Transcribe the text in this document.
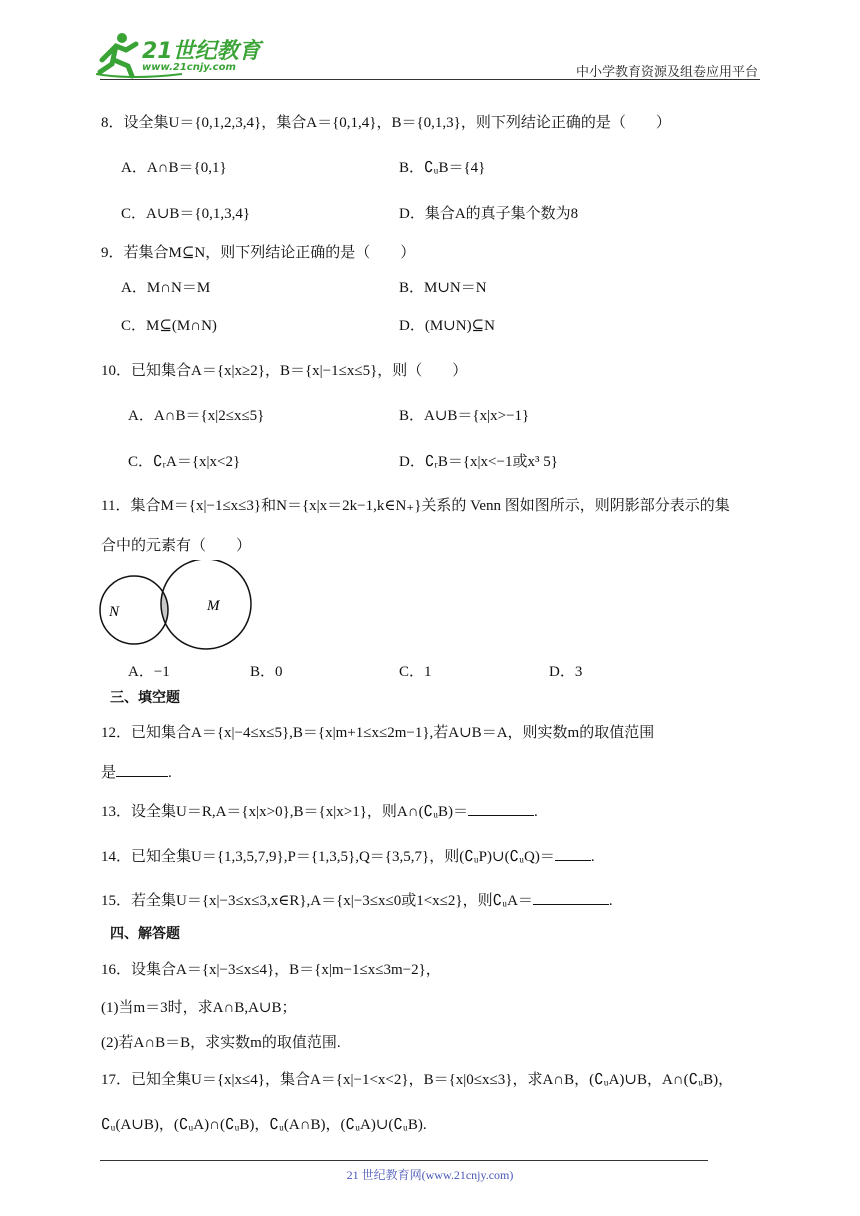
21世纪教育
www.21cnjy.com	中小学教育资源及组卷应用平台
8．设全集U＝{0,1,2,3,4}，集合A＝{0,1,4}，B＝{0,1,3}，则下列结论正确的是（　　）
A．A∩B＝{0,1}	B．∁ᵤB＝{4}
C．A∪B＝{0,1,3,4}	D．集合A的真子集个数为8
9．若集合M⊆N，则下列结论正确的是（　　）
A．M∩N＝M	B．M∪N＝N
C．M⊆(M∩N)	D．(M∪N)⊆N
10．已知集合A＝{x|x≥2}，B＝{x|−1≤x≤5}，则（　　）
A．A∩B＝{x|2≤x≤5}	B．A∪B＝{x|x>−1}
C．∁ᵣA＝{x|x<2}	D．∁ᵣB＝{x|x<−1或x³ 5}
11．集合M＝{x|−1≤x≤3}和N＝{x|x＝2k−1,k∈N₊}关系的 Venn 图如图所示，则阴影部分表示的集
合中的元素有（　　）
N	M
A．−1	B．0	C．1	D．3
三、填空题
12．已知集合A＝{x|−4≤x≤5},B＝{x|m+1≤x≤2m−1},若A∪B＝A，则实数m的取值范围
是	.
13．设全集U＝R,A＝{x|x>0},B＝{x|x>1}，则A∩(∁ᵤB)＝	.
14．已知全集U＝{1,3,5,7,9},P＝{1,3,5},Q＝{3,5,7}，则(∁ᵤP)∪(∁ᵤQ)＝ .
15．若全集U＝{x|−3≤x≤3,x∈R},A＝{x|−3≤x≤0或1<x≤2}，则∁ᵤA＝	.
四、解答题
16．设集合A＝{x|−3≤x≤4}，B＝{x|m−1≤x≤3m−2}，
(1)当m＝3时，求A∩B,A∪B；
(2)若A∩B＝B，求实数m的取值范围.
17．已知全集U＝{x|x≤4}，集合A＝{x|−1<x<2}，B＝{x|0≤x≤3}，求A∩B，(∁ᵤA)∪B，A∩(∁ᵤB)，
∁ᵤ(A∪B)，(∁ᵤA)∩(∁ᵤB)，∁ᵤ(A∩B)，(∁ᵤA)∪(∁ᵤB).
21 世纪教育网(www.21cnjy.com)
